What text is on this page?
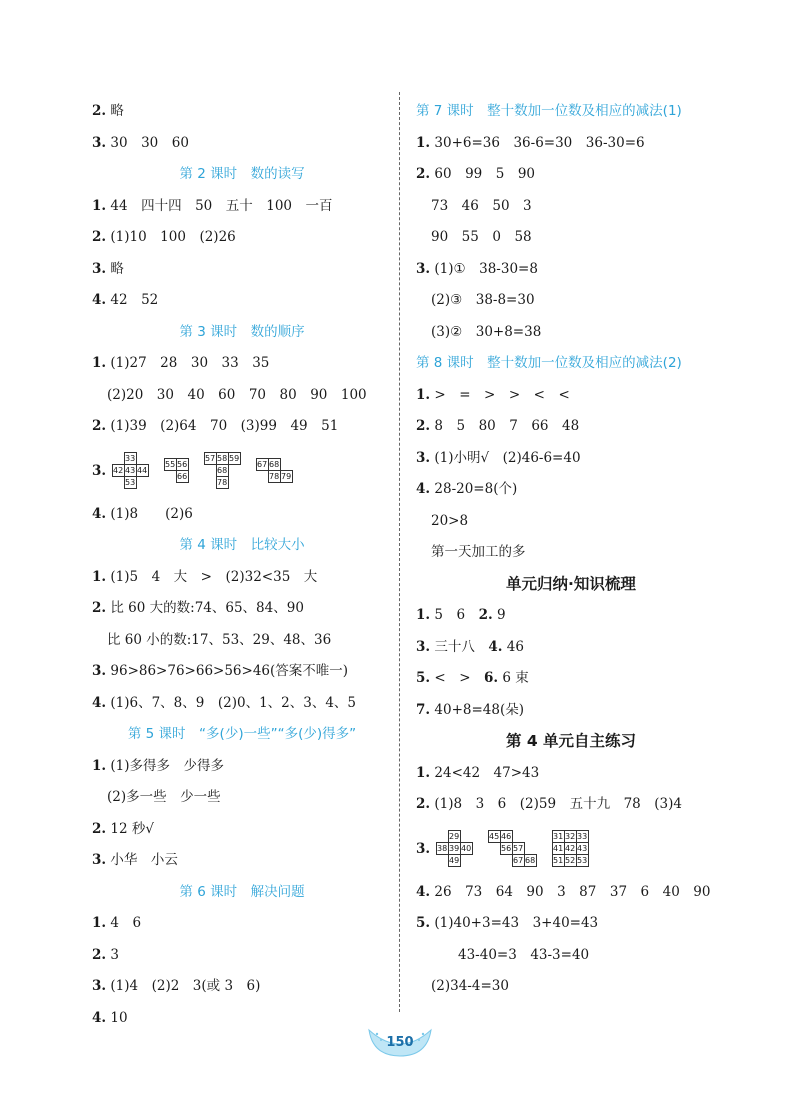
2. 略
3. 30　30　60
第 2 课时　数的读写
1. 44　四十四　50　五十　100　一百
2. (1)10　100　(2)26
3. 略
4. 42　52
第 3 课时　数的顺序
1. (1)27　28　30　33　35
(2)20　30　40　60　70　80　90　100
2. (1)39　(2)64　70　(3)99　49　51
3.
33
42 43 44
53
55 56
66
57 58 59
68
78
67 68
78 79
4. (1)8　　(2)6
第 4 课时　比较大小
1. (1)5　4　大　>　(2)32<35　大
2. 比 60 大的数:74、65、84、90
比 60 小的数:17、53、29、48、36
3. 96>86>76>66>56>46(答案不唯一)
4. (1)6、7、8、9　(2)0、1、2、3、4、5
第 5 课时　“多(少)一些”“多(少)得多”
1. (1)多得多　少得多
(2)多一些　少一些
2. 12 秒√
3. 小华　小云
第 6 课时　解决问题
1. 4　6
2. 3
3. (1)4　(2)2　3(或 3　6)
4. 10
第 7 课时　整十数加一位数及相应的减法(1)
1. 30+6=36　36-6=30　36-30=6
2. 60　99　5　90
73　46　50　3
90　55　0　58
3. (1)①　38-30=8
(2)③　38-8=30
(3)②　30+8=38
第 8 课时　整十数加一位数及相应的减法(2)
1. >　=　>　>　<　<
2. 8　5　80　7　66　48
3. (1)小明√　(2)46-6=40
4. 28-20=8(个)
20>8
第一天加工的多
单元归纳·知识梳理
1. 5　6　2. 9
3. 三十八　4. 46
5. <　>　6. 6 束
7. 40+8=48(朵)
第 4 单元自主练习
1. 24<42　47>43
2. (1)8　3　6　(2)59　五十九　78　(3)4
3.
29
38 39 40
49
45 46
56 57
67 68
31 32 33
41 42 43
51 52 53
4. 26　73　64　90　3　87　37　6　40　90
5. (1)40+3=43　3+40=43
　　43-40=3　43-3=40
(2)34-4=30
150
